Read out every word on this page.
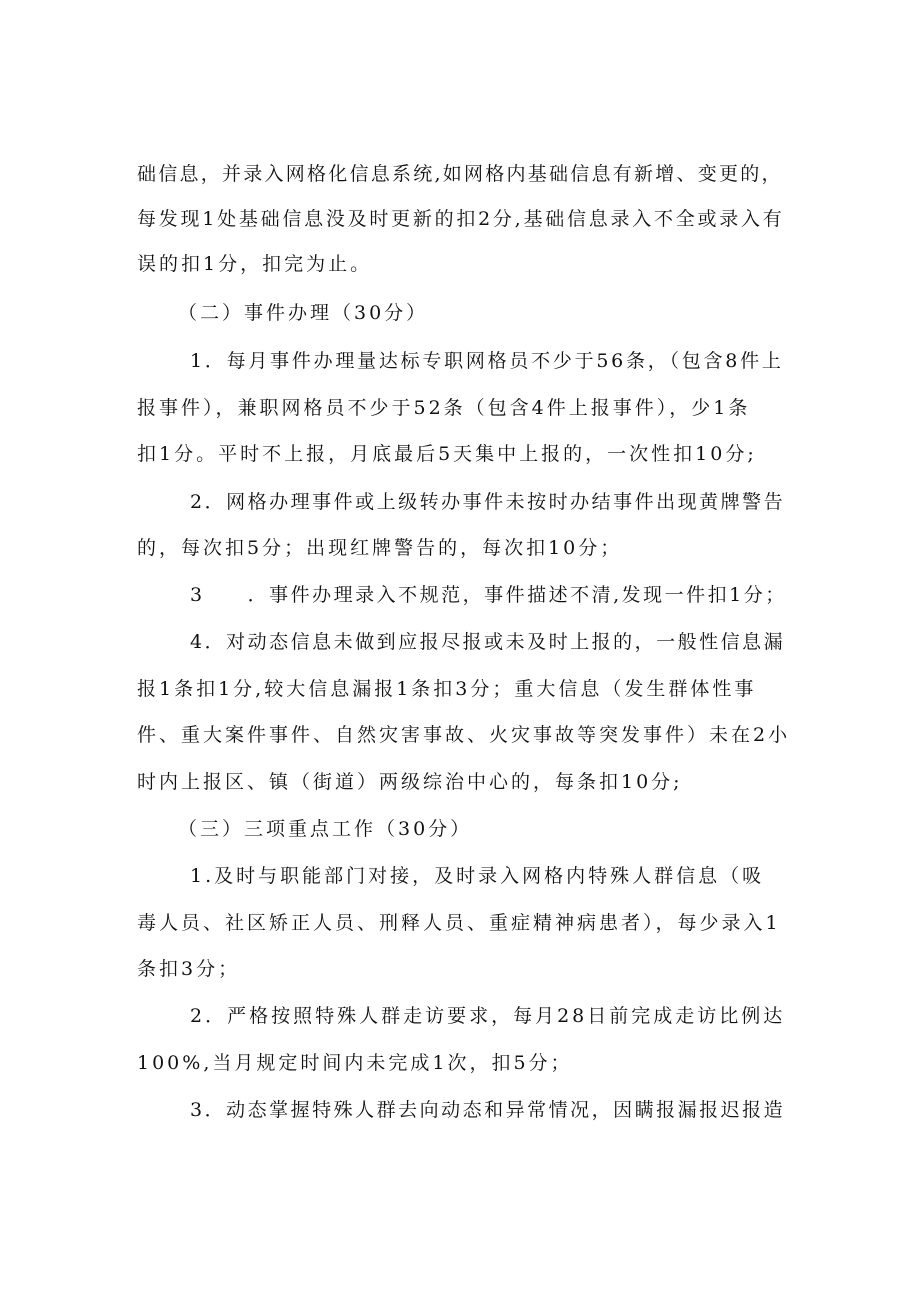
础信息，并录入网格化信息系统,如网格内基础信息有新增、变更的，
每发现1处基础信息没及时更新的扣2分,基础信息录入不全或录入有
误的扣1分，扣完为止。
（二）事件办理（30分）
1．每月事件办理量达标专职网格员不少于56条，（包含8件上
报事件），兼职网格员不少于52条（包含4件上报事件），少1条
扣1分。平时不上报，月底最后5天集中上报的，一次性扣10分;
2．网格办理事件或上级转办事件未按时办结事件出现黄牌警告
的，每次扣5分；出现红牌警告的，每次扣10分；
3　　．事件办理录入不规范，事件描述不清,发现一件扣1分；
4．对动态信息未做到应报尽报或未及时上报的，一般性信息漏
报1条扣1分,较大信息漏报1条扣3分；重大信息（发生群体性事
件、重大案件事件、自然灾害事故、火灾事故等突发事件）未在2小
时内上报区、镇（街道）两级综治中心的，每条扣10分;
（三）三项重点工作（30分）
1.及时与职能部门对接，及时录入网格内特殊人群信息（吸
毒人员、社区矫正人员、刑释人员、重症精神病患者），每少录入1
条扣3分；
2．严格按照特殊人群走访要求，每月28日前完成走访比例达
100%,当月规定时间内未完成1次，扣5分；
3．动态掌握特殊人群去向动态和异常情况，因瞒报漏报迟报造
